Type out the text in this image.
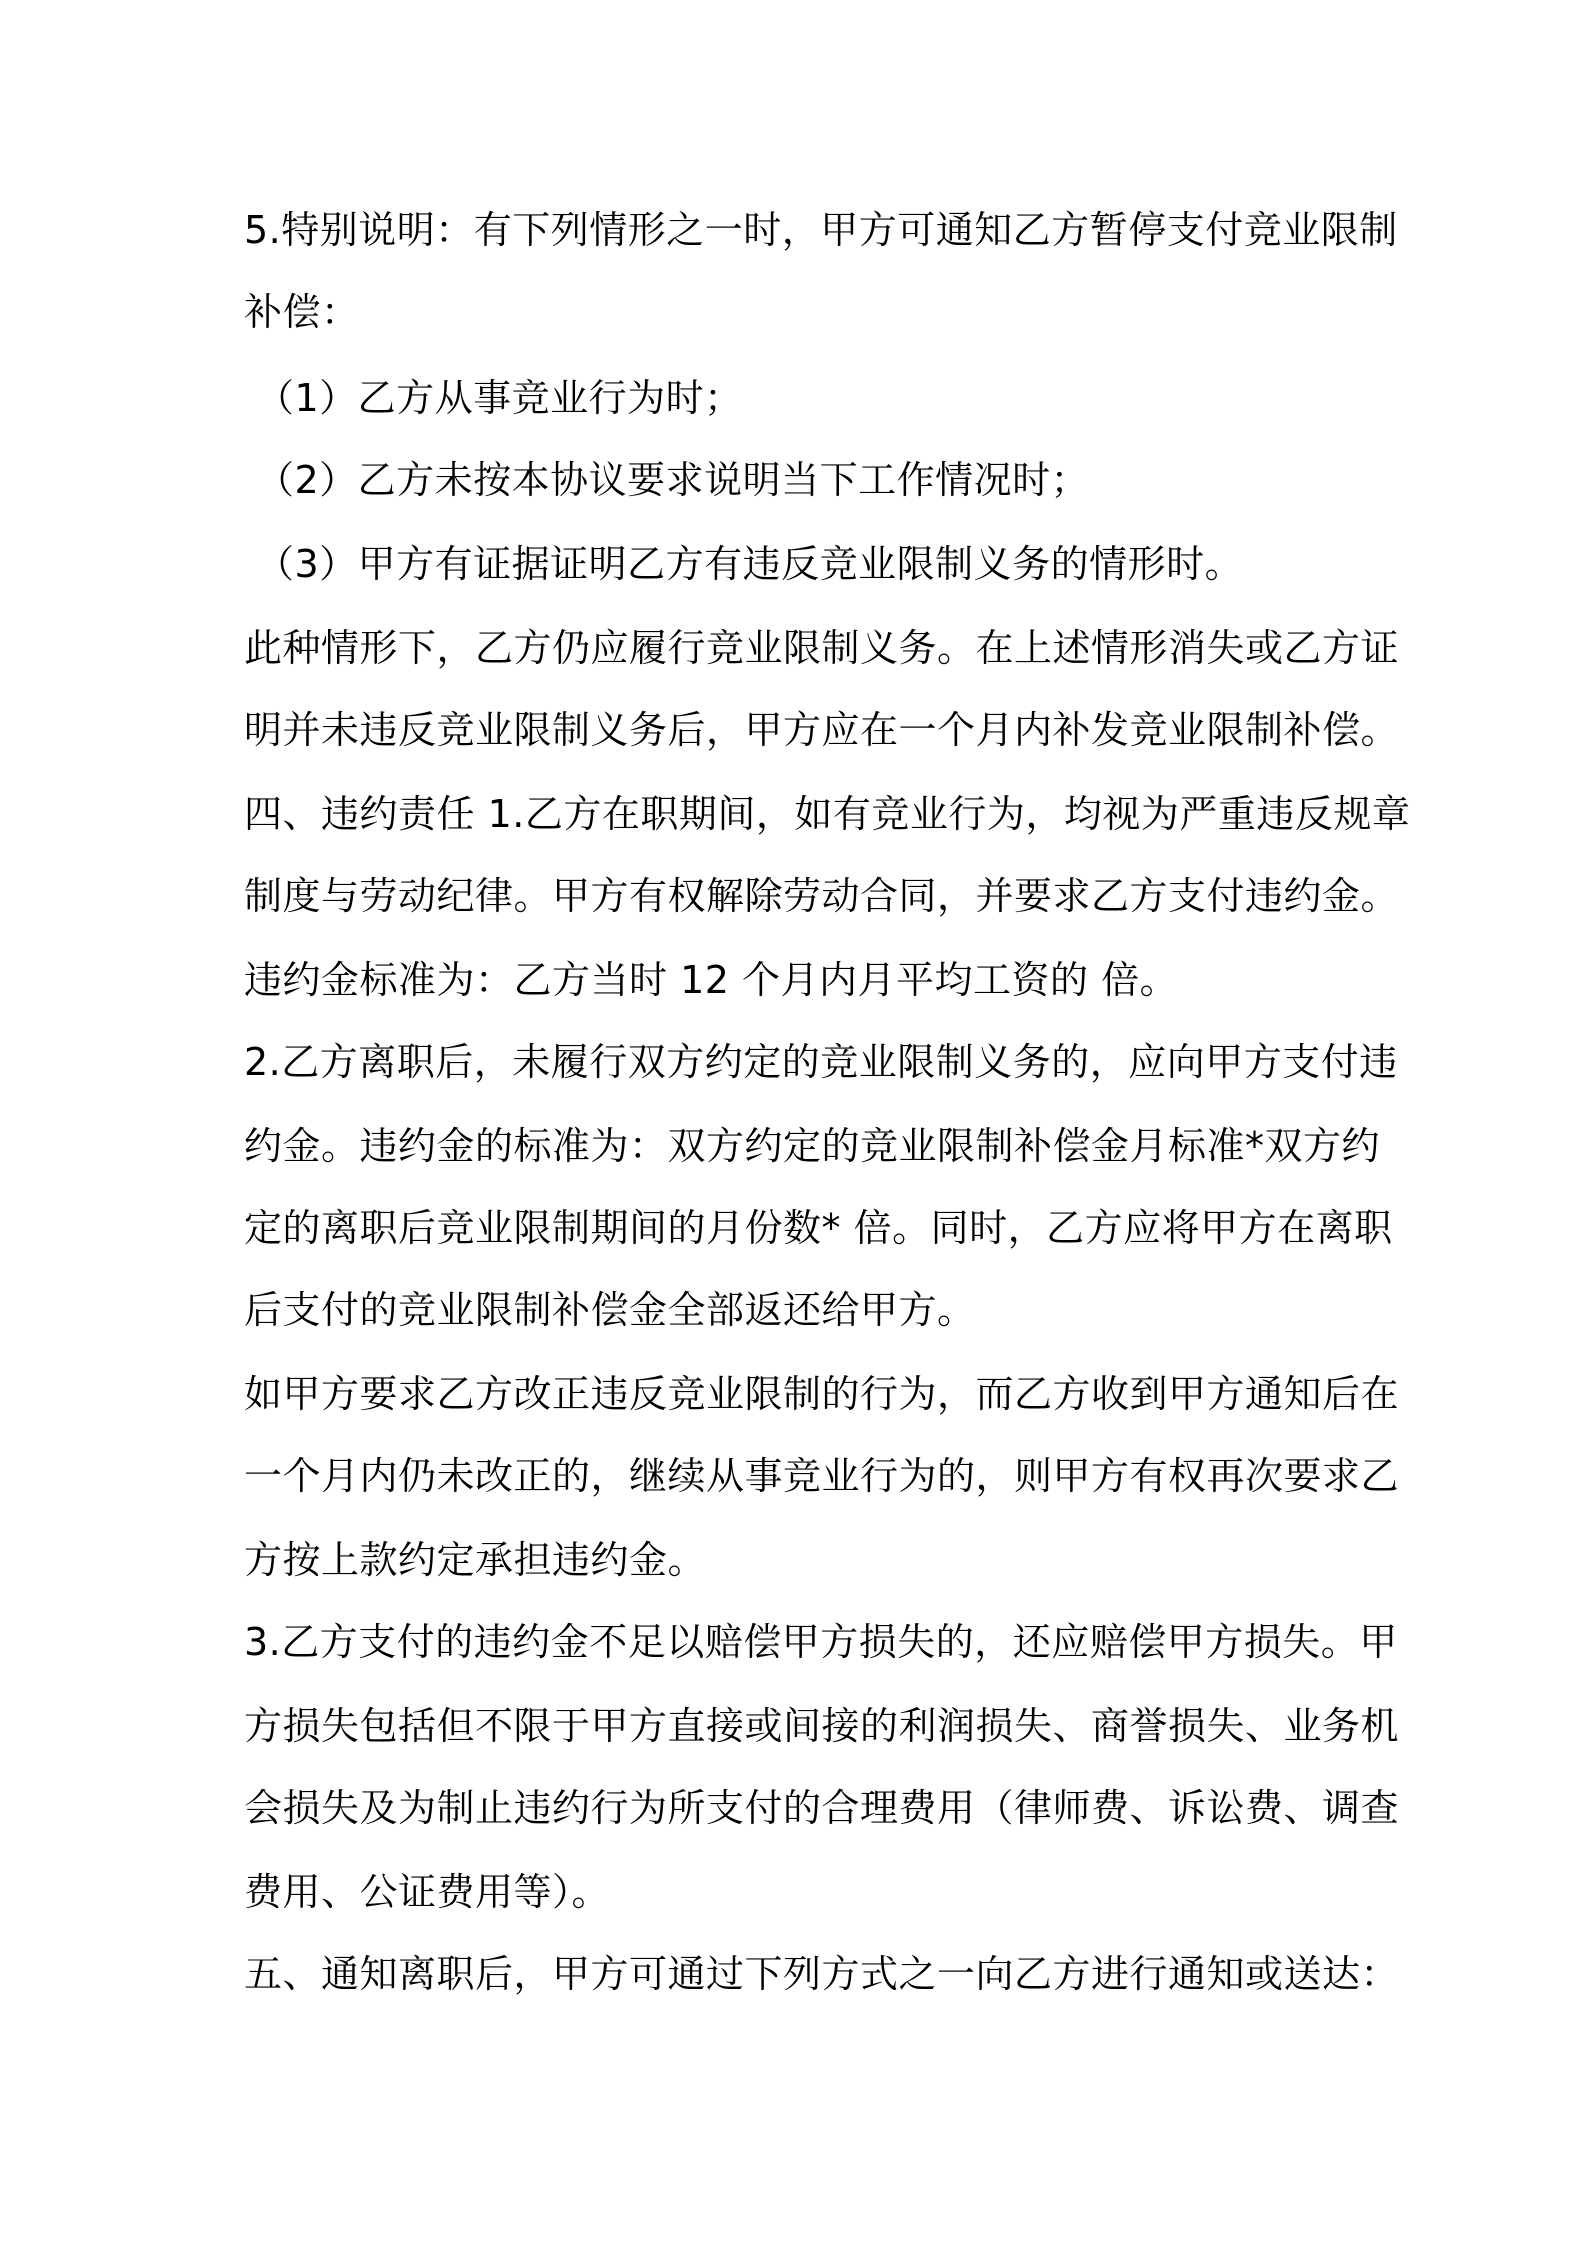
5.特别说明：有下列情形之一时，甲方可通知乙方暂停支付竞业限制
补偿：
（1）乙方从事竞业行为时；
（2）乙方未按本协议要求说明当下工作情况时；
（3）甲方有证据证明乙方有违反竞业限制义务的情形时。
此种情形下，乙方仍应履行竞业限制义务。在上述情形消失或乙方证
明并未违反竞业限制义务后，甲方应在一个月内补发竞业限制补偿。
四、违约责任 1.乙方在职期间，如有竞业行为，均视为严重违反规章
制度与劳动纪律。甲方有权解除劳动合同，并要求乙方支付违约金。
违约金标准为：乙方当时 12 个月内月平均工资的 倍。
2.乙方离职后，未履行双方约定的竞业限制义务的，应向甲方支付违
约金。违约金的标准为：双方约定的竞业限制补偿金月标准*双方约
定的离职后竞业限制期间的月份数* 倍。同时，乙方应将甲方在离职
后支付的竞业限制补偿金全部返还给甲方。
如甲方要求乙方改正违反竞业限制的行为，而乙方收到甲方通知后在
一个月内仍未改正的，继续从事竞业行为的，则甲方有权再次要求乙
方按上款约定承担违约金。
3.乙方支付的违约金不足以赔偿甲方损失的，还应赔偿甲方损失。甲
方损失包括但不限于甲方直接或间接的利润损失、商誉损失、业务机
会损失及为制止违约行为所支付的合理费用（律师费、诉讼费、调查
费用、公证费用等）。
五、通知离职后，甲方可通过下列方式之一向乙方进行通知或送达：
